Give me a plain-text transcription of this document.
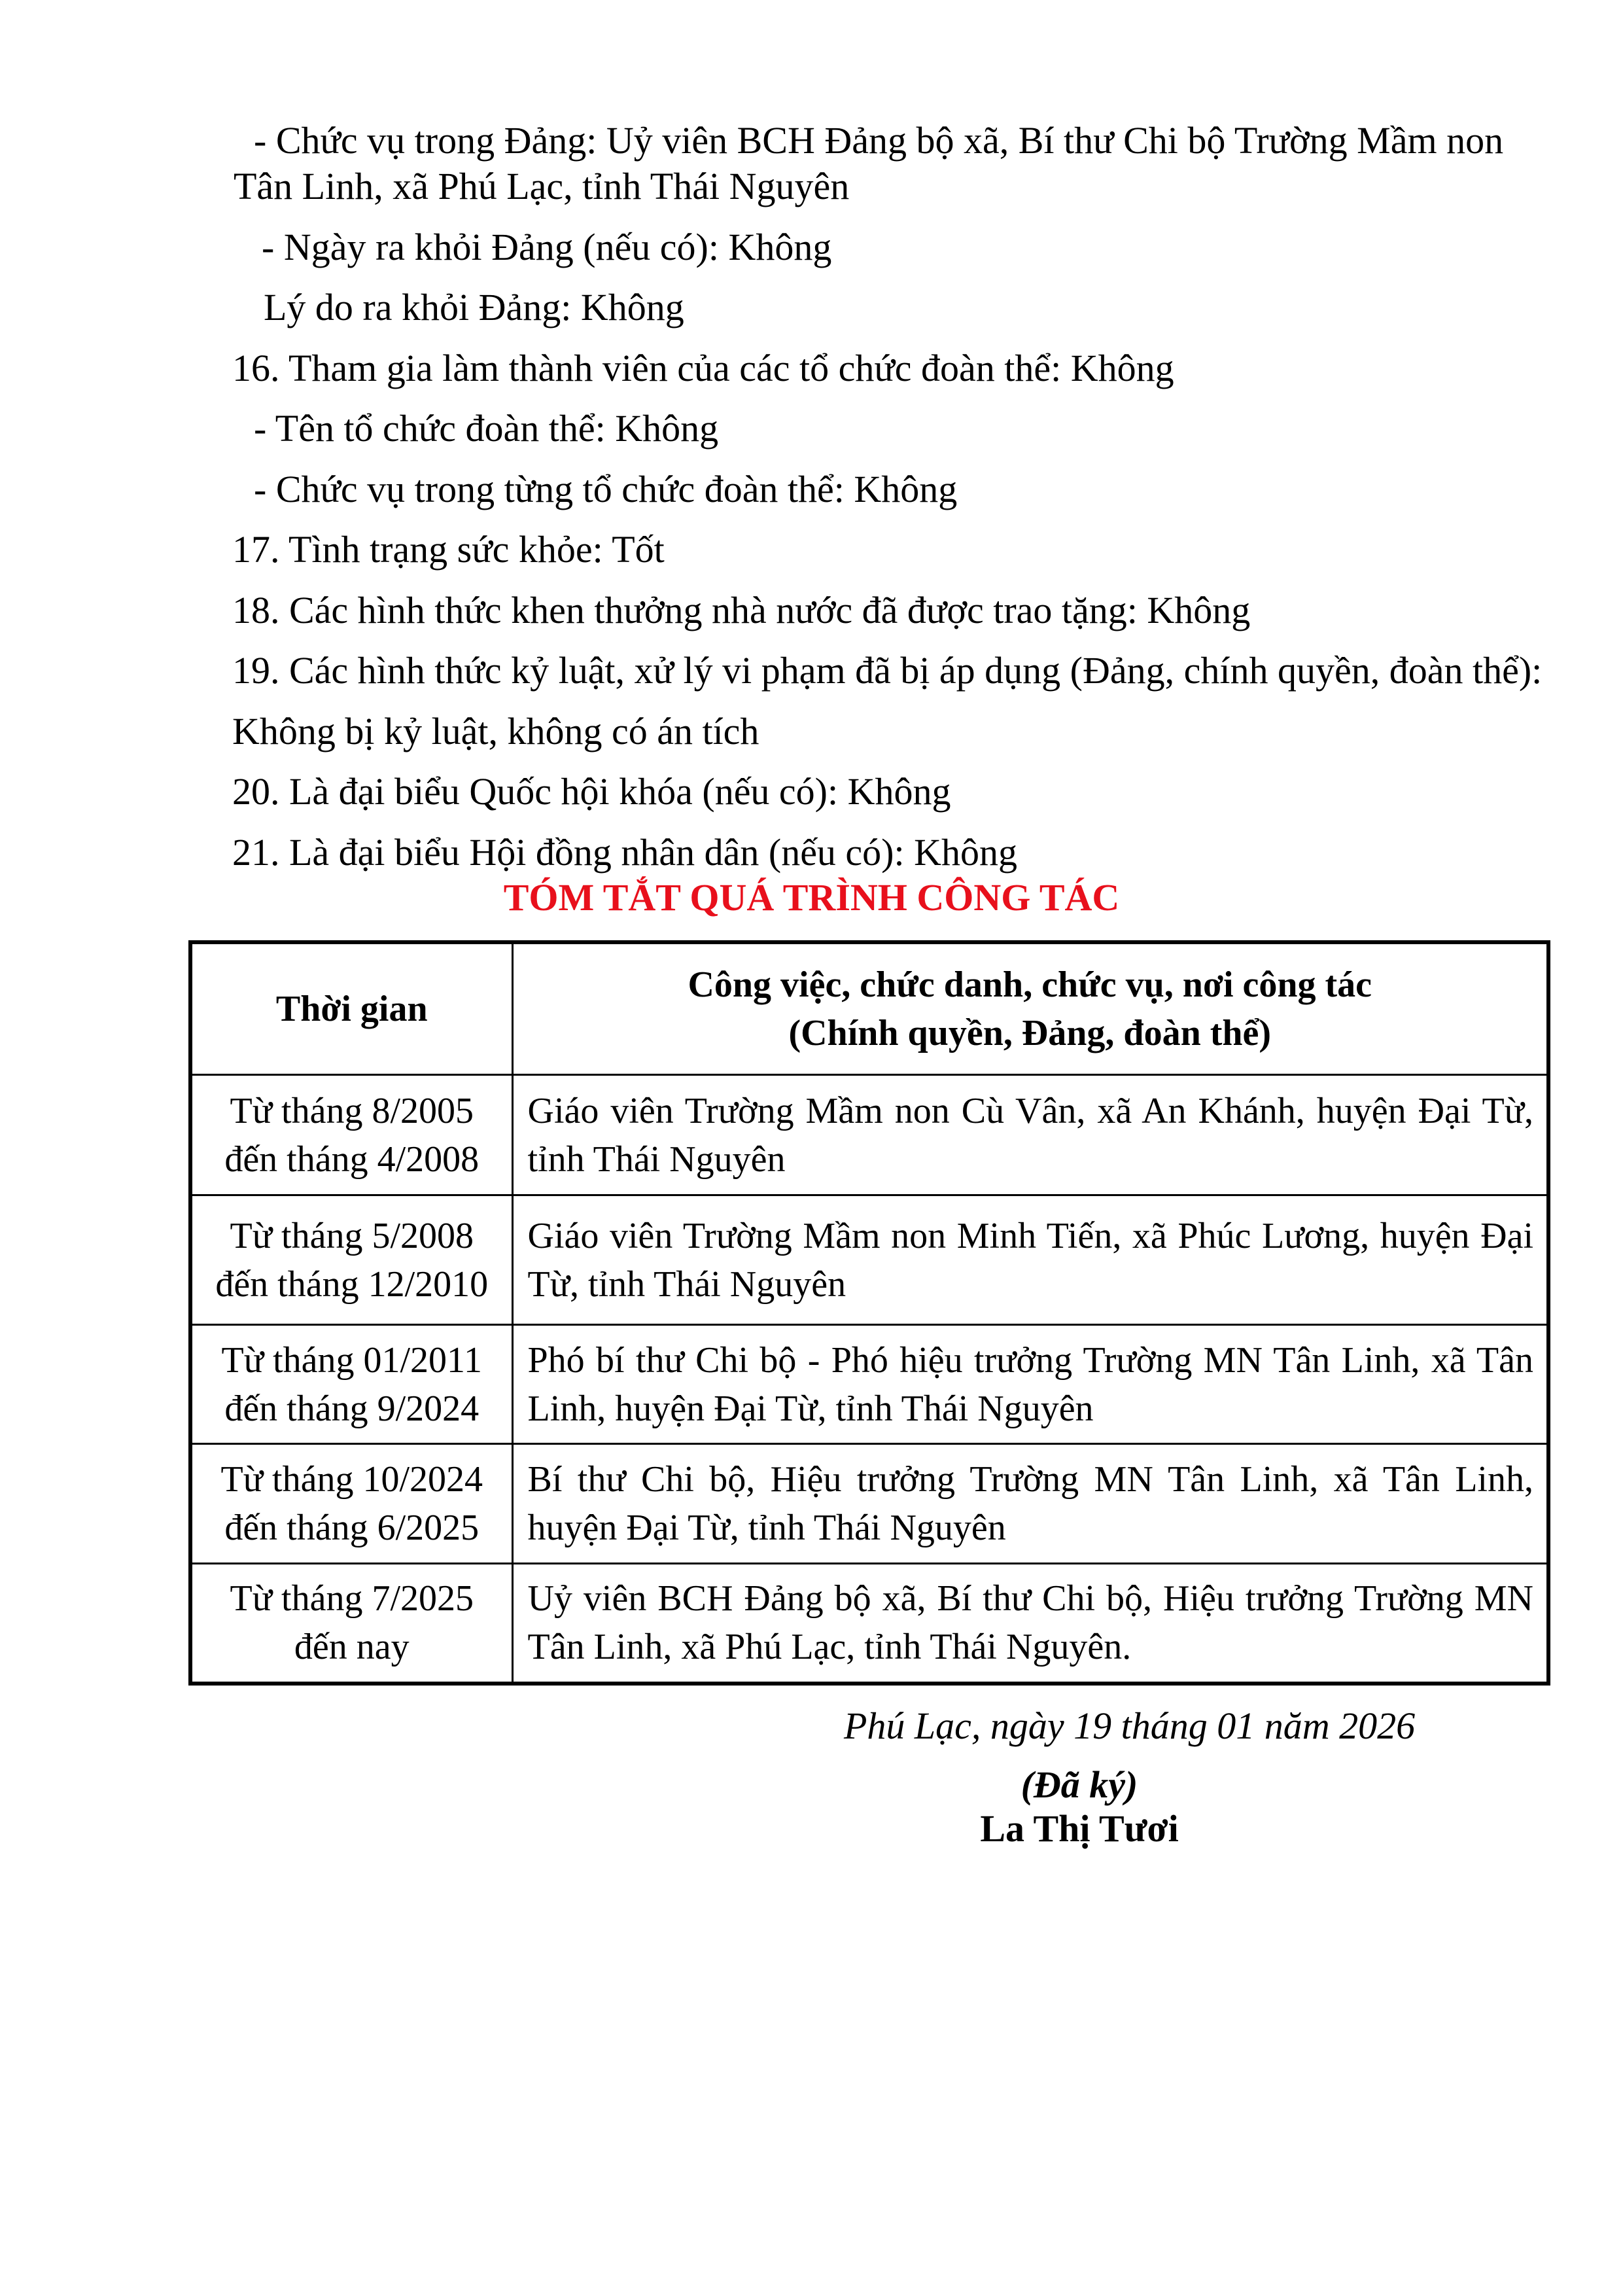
- Chức vụ trong Đảng: Uỷ viên BCH Đảng bộ xã, Bí thư Chi bộ Trường Mầm non
Tân Linh, xã Phú Lạc, tỉnh Thái Nguyên
- Ngày ra khỏi Đảng (nếu có): Không
Lý do ra khỏi Đảng: Không
16. Tham gia làm thành viên của các tổ chức đoàn thể: Không
- Tên tổ chức đoàn thể: Không
- Chức vụ trong từng tổ chức đoàn thể: Không
17. Tình trạng sức khỏe: Tốt
18. Các hình thức khen thưởng nhà nước đã được trao tặng: Không
19. Các hình thức kỷ luật, xử lý vi phạm đã bị áp dụng (Đảng, chính quyền, đoàn thể):
Không bị kỷ luật, không có án tích
20. Là đại biểu Quốc hội khóa (nếu có): Không
21. Là đại biểu Hội đồng nhân dân (nếu có): Không
TÓM TẮT QUÁ TRÌNH CÔNG TÁC
Thời gian	Công việc, chức danh, chức vụ, nơi công tác
(Chính quyền, Đảng, đoàn thể)

Từ tháng 8/2005
đến tháng 4/2008	Giáo viên Trường Mầm non Cù Vân, xã An Khánh, huyện Đại Từ, tỉnh Thái Nguyên

Từ tháng 5/2008
đến tháng 12/2010	Giáo viên Trường Mầm non Minh Tiến, xã Phúc Lương, huyện Đại Từ, tỉnh Thái Nguyên

Từ tháng 01/2011
đến tháng 9/2024	Phó bí thư Chi bộ - Phó hiệu trưởng Trường MN Tân Linh, xã Tân Linh, huyện Đại Từ, tỉnh Thái Nguyên

Từ tháng 10/2024
đến tháng 6/2025	Bí thư Chi bộ, Hiệu trưởng Trường MN Tân Linh, xã Tân Linh, huyện Đại Từ, tỉnh Thái Nguyên

Từ tháng 7/2025
đến nay	Uỷ viên BCH Đảng bộ xã, Bí thư Chi bộ, Hiệu trưởng Trường MN Tân Linh, xã Phú Lạc, tỉnh Thái Nguyên.
Phú Lạc, ngày 19 tháng 01 năm 2026
(Đã ký)
La Thị Tươi
